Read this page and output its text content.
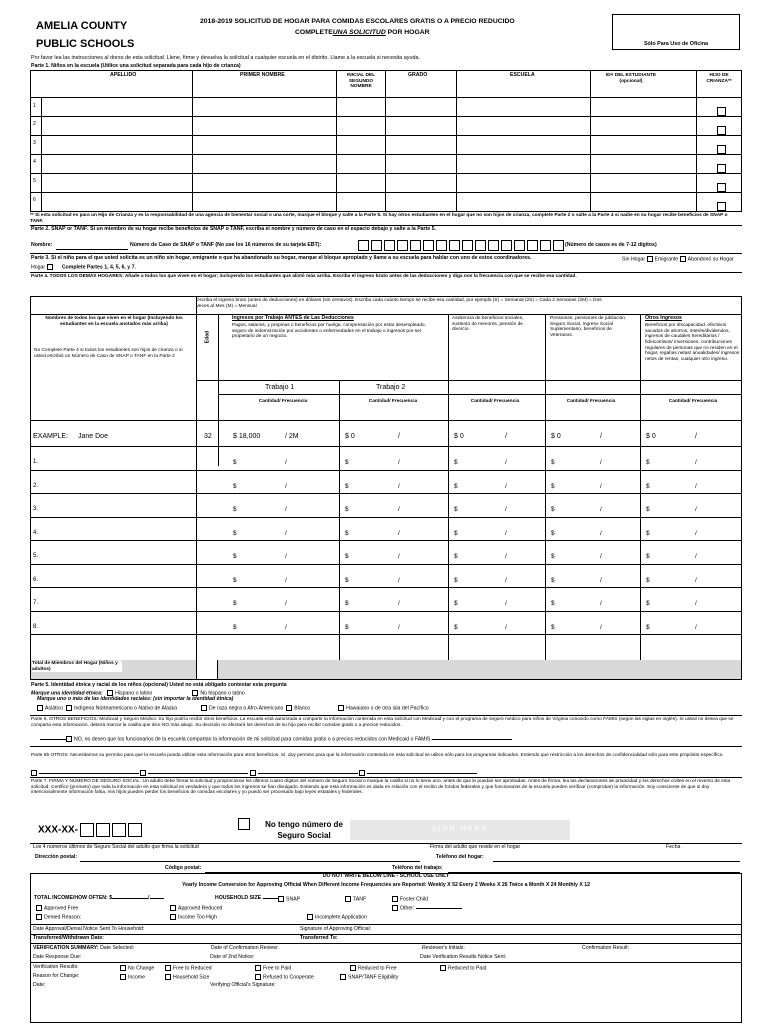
AMELIA COUNTY
PUBLIC SCHOOLS
2018-2019 SOLICITUD DE HOGAR PARA COMIDAS ESCOLARES GRATIS O A PRECIO REDUCIDO
COMPLETEUNA SOLICITUD POR HOGAR
Sólo Para Uso de Oficina
Por favor lea las instrucciones al dorso de esta solicitud. Llene, firme y devuelva la solicitud a cualquier escuela en el distrito. Llame a la escuela si necesita ayuda.
Parte 1. Niños en la escuela (Utilice una solicitud separada para cada hijo de crianza)
APELLIDO	PRIMER NOMBRE	INICIAL DEL SEGUNDO NOMBRE
GRADO	ESCUELA	ID# DEL ESTUDIANTE (opcional)
HIJO DE CRIANZA**
1
2
3
4
5
6
** Si esta solicitud es para un Hijo de Crianza y es la responsabilidad de una agencia de bienestar social o una corte, marque el bloque y salte a la Parte 5. Si hay otros estudiantes en el hogar que no son hijos de crianza, complete Parte 2 o salte a la Parte 4 si nadie en su hogar recibe beneficios de SNAP o TANF.
Parte 2. SNAP or TANF: Si un miembro de su hogar recibe beneficios de SNAP o TANF, escriba el nombre y número de caso en el espacio debajo y salte a la Parte 5.
Nombre:	Número de Caso de SNAP o TANF (No use los 16 números de su tarjeta EBT):	(Número de casos es de 7-12 dígitos)
Parte 3. Si el niño para el que usted solicita es un niño sin hogar, emigrante o que ha abandonado su hogar, marque el bloque apropiado y llame a su escuela para hablar con uno de estos coordinadores.	Sin Hogar Emigrante Abandonó su Hogar
Hogar	Complete Partes 1, 4, 5, 6, y 7.
Parte 4. TODOS LOS DEMÁS HOGARES: Añade a todos los que viven en el hogar; incluyendo los estudiantes que alistó más arriba. Escriba el ingreso bruto antes de las deducciones y diga nos la frecuencia con que se recibe esa cantidad.
Escriba el ingreso bruto (antes de deducciones) en dólares (sin centavos). Escriba cada cuánto tiempo se recibe esa cantidad, por ejemplo (S) = Semanal (2S) = Cada 2 Semanas (2M) = Dos Veces al Mes (M) = Mensual
Nombres de todos los que viven en el hogar (Incluyendo los estudiantes en la escuela anotados más arriba)
No Complete Parte 4 si todos los estudiantes son hijos de crianza o si usted escribió un Número de Caso de SNAP o TANF en la Parte 2
Edad
Ingresos por Trabajo ANTES de Las Deducciones
Pagos, salarios, y propinas o beneficios por huelga, compensación por estar desempleado, seguro de indemnización por accidentes o enfermedades en el trabajo o ingresos por ser propietario de un negocio.
Asistencia de beneficios sociales, sustento de menores, pensión de divorcio.
Pensiones, pensiones de jubilación, Seguro Social, Ingreso Social Suplementario, beneficios de Veteranos.
Otros Ingresos
Beneficios por discapacidad, efectivos sacados de ahorros, interés/dividendos, ingresos de caudales hereditarios / fideicomisos/ inversiones, contribuciones regulares de personas que no residen en el hogar, regalías netas/ anualidades/ ingresos netos de rentas, cualquier otro ingreso.
Trabajo 1	Trabajo 2
Cantidad/ Frecuencia	Cantidad/ Frecuencia	Cantidad/ Frecuencia	Cantidad/ Frecuencia	Cantidad/ Frecuencia
EXAMPLE: Jane Doe	32	$ 18,000	/ 2M	$ 0	/	$ 0	/	$ 0	/	$ 0	/
1.	$	/	$	/	$	/	$	/	$	/
2.	$	/	$	/	$	/	$	/	$	/
3.	$	/	$	/	$	/	$	/	$	/
4.	$	/	$	/	$	/	$	/	$	/
5.	$	/	$	/	$	/	$	/	$	/
6.	$	/	$	/	$	/	$	/	$	/
7.	$	/	$	/	$	/	$	/	$	/
8.	$	/	$	/	$	/	$	/	$	/
Total de Miembros del Hogar (Niños y adultos)
Parte 5. Identidad étnica y racial de los niños (opcional) Usted no está obligado contestar esta pregunta
Marque una identidad étnica: Hispano o latino	No hispano o latino
Marque uno o más de las identidades raciales: (sin importar la identidad étnica)
Asiático Indígena Norteamericano o Nativo de Alaska	De raza negra o Afro-Americano Blanco	Hawaiano o de otra isla del Pacífico
Parte 6. OTROS BENEFICIOS: Medicaid y Seguro Médico: Su hijo podría recibir otros beneficios. La escuela está autorizada a compartir la información contenida en esta solicitud con Medicaid y con el programa de seguro médico para niños de Virginia conocido como FAMIS (según las siglas en inglés). Si usted no desea que se comparta esta información, deberá marcar la casilla que dice NO más abajo. Su decisión no afectará los derechos de su hijo para recibir comidas gratis o a precios reducidos.
NO, no deseo que los funcionarios de la escuela compartan la información de mi solicitud para comidas gratis o a precios reducidos con Medicaid o FAMIS.
Parte 6b OTROS: Necesitamos su permiso para que la escuela pueda utilizar esta información para otros beneficios. Sí, doy permiso para que la información contenida en esta solicitud se utilice sólo para los programas indicados. Entiendo que restricción a los derechos de confidencialidad sólo para este propósito específico.

Parte 7. FIRMA Y NÚMERO DE SEGURO SOCIAL: Un adulto debe firmar la solicitud y proporcionar los últimos cuatro dígitos del número de Seguro Social o marque la casilla si no lo tiene uno, antes de que le puedan ser aprobadas. Antes de firmar, lea las declaraciones de privacidad y los derechos civiles en el reverso de esta solicitud. Certifico (prometo) que toda la información en esta solicitud es verdadera y que todos los ingresos se han divulgado. Entiendo que esta información es dada en relación con el recibo de fondos federales y que funcionarios de la escuela pueden verificar (comprobar) la información. Soy consciente de que si doy intencionalmente información falsa, mis hijos pueden perder los beneficios de comidas escolares y yo puedo ser procesado bajo leyes estatales y federales.
XXX-XX-
No tengo número de Seguro Social
SIGN HERE
Los 4 números últimos de Seguro Social del adulto que firma la solicitud	Firma del adulto que reside en el hogar	Fecha
Dirección postal:	Teléfono del hogar:
Código postal:	Teléfono del trabajo:
DO NOT WRITE BELOW LINE - SCHOOL USE ONLY
Yearly Income Conversion for Approving Official When Different Income Frequencies are Reported: Weekly X 52 Every 2 Weeks X 26 Twice a Month X 24 Monthly X 12
TOTAL INCOME/HOW OFTEN: $	/	HOUSEHOLD SIZE	SNAP	TANF	Foster Child
Approved Free	Approved Reduced	Other:
Denied Reason:	Income Too High	Incomplete Application
Date Approval/Denial Notice Sent To Household:	Signature of Approving Official:
Transferred/Withdrawn Date:	Transferred To:
VERIFICATION SUMMARY: Date Selected:	Date of Confirmation Review:	Reviewer's Initials:	Confirmation Result:
Date Response Due:	Date of 2nd Notice:	Date Verification Results Notice Sent:
Verification Results:	No Change	Free to Reduced	Free to Paid	Reduced to Free	Reduced to Paid
Reason for Change:	Income	Household Size	Refused to Cooperate	SNAP/TANF Eligibility
Date:	Verifying Official's Signature:
